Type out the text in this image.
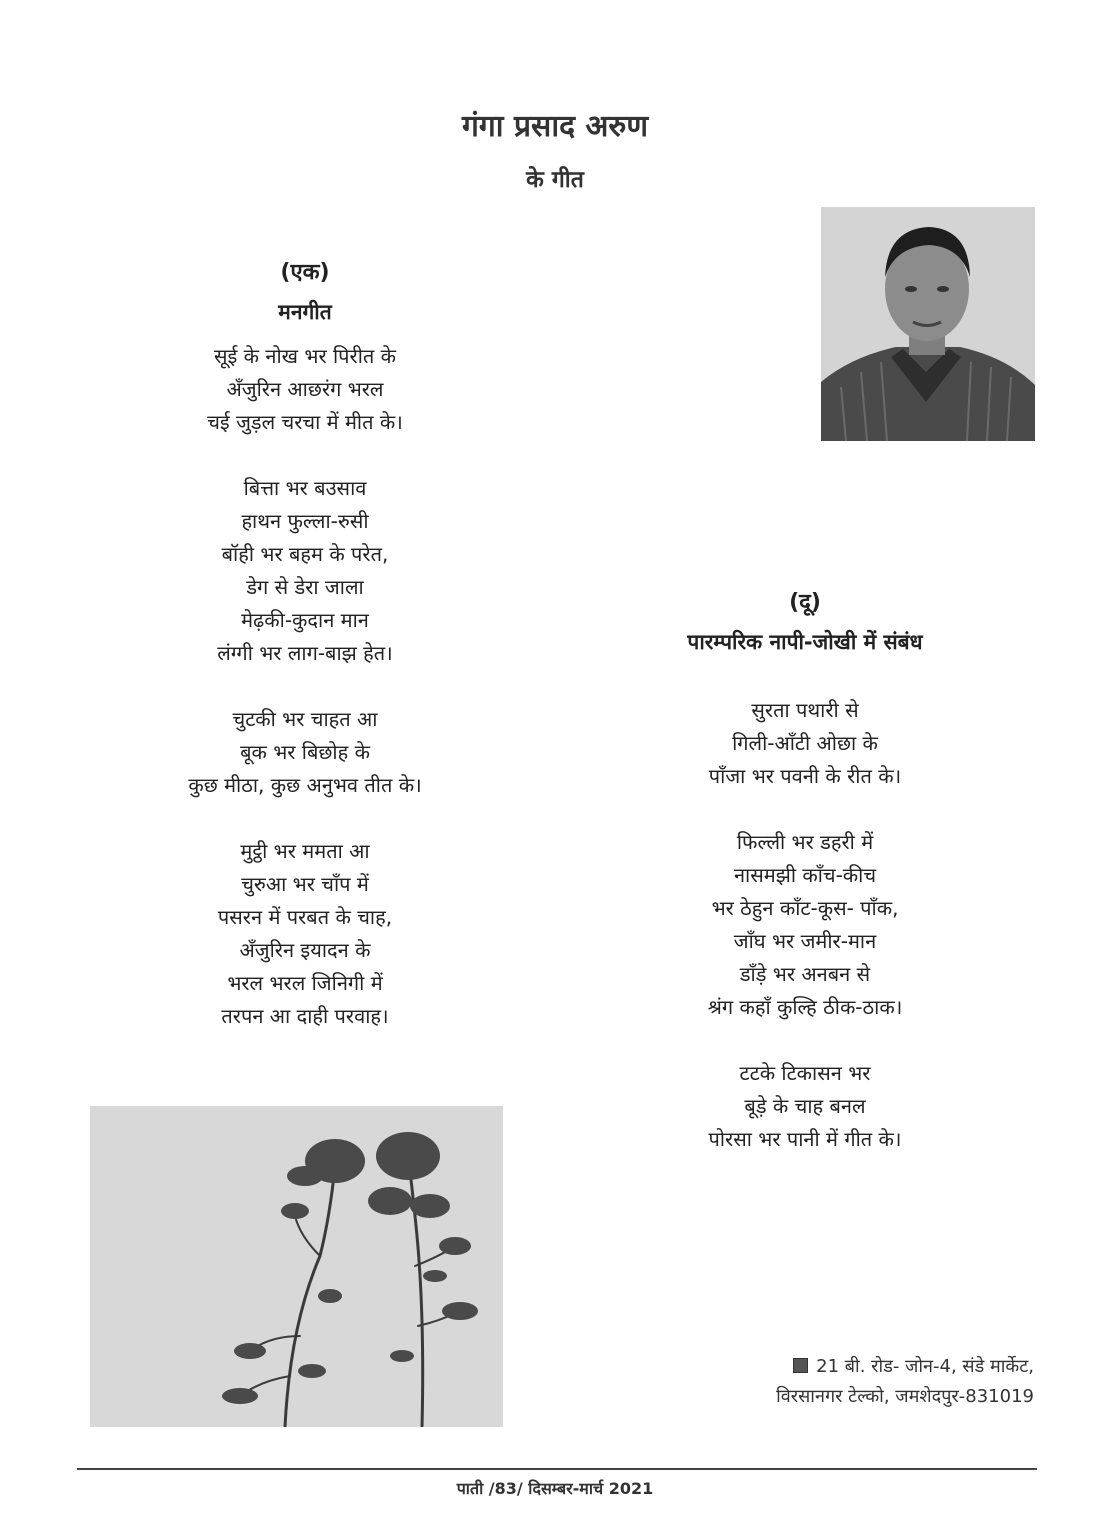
गंगा प्रसाद अरुण
के गीत
(एक)
मनगीत
सूई के नोख भर पिरीत के
अँजुरिन आछरंग भरल
चई जुड़ल चरचा में मीत के।
बित्ता भर बउसाव
हाथन फुल्ला-रुसी
बॉही भर बहम के परेत,
डेग से डेरा जाला
मेढ़की-कुदान मान
लंग्गी भर लाग-बाझ हेत।
चुटकी भर चाहत आ
बूक भर बिछोह के
कुछ मीठा, कुछ अनुभव तीत के।
मुट्ठी भर ममता आ
चुरुआ भर चाँप में
पसरन में परबत के चाह,
अँजुरिन इयादन के
भरल भरल जिनिगी में
तरपन आ दाही परवाह।
(दू)
पारम्परिक नापी-जोखी में संबंध
सुरता पथारी से
गिली-आँटी ओछा के
पाँजा भर पवनी के रीत के।
फिल्ली भर डहरी में
नासमझी काँच-कीच
भर ठेहुन काँट-कूस- पाँक,
जाँघ भर जमीर-मान
डाँड़े भर अनबन से
श्रंग कहाँ कुल्हि ठीक-ठाक।
टटके टिकासन भर
बूड़े के चाह बनल
पोरसा भर पानी में गीत के।
21 बी. रोड- जोन-4, संडे मार्केट,
विरसानगर टेल्को, जमशेदपुर-831019
पाती /83/ दिसम्बर-मार्च 2021
